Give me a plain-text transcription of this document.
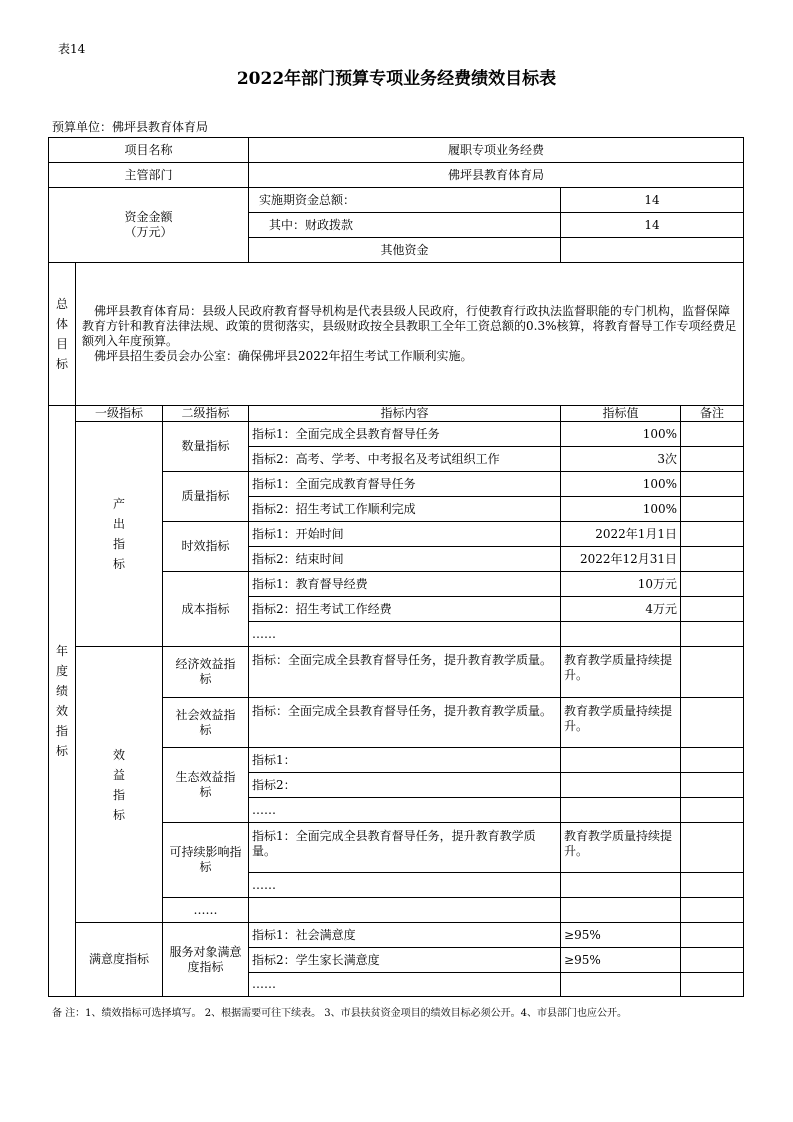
表14
2022年部门预算专项业务经费绩效目标表
预算单位：佛坪县教育体育局
项目名称			履职专项业务经费		
主管部门			佛坪县教育体育局		

资金金额
（万元）			实施期资金总额：	14	
			其中：财政拨款	14	
			其他资金		

总体目标	佛坪县教育体育局：县级人民政府教育督导机构是代表县级人民政府，行使教育行政执法监督职能的专门机构，监督保障教育方针和教育法律法规、政策的贯彻落实，县级财政按全县教职工全年工资总额的0.3%核算，将教育督导工作专项经费足额列入年度预算。

佛坪县招生委员会办公室：确保佛坪县2022年招生考试工作顺利实施。				

年度绩效指标	一级指标	二级指标	指标内容	指标值	备注

	产出指标	数量指标	指标1：全面完成全县教育督导任务	100%	
			指标2：高考、学考、中考报名及考试组织工作	3次	
		质量指标	指标1：全面完成教育督导任务	100%	
			指标2：招生考试工作顺利完成	100%	
		时效指标	指标1：开始时间	2022年1月1日	
			指标2：结束时间	2022年12月31日	
		成本指标	指标1：教育督导经费	10万元	
			指标2：招生考试工作经费	4万元	
			……		

	效益指标	经济效益指标	指标：全面完成全县教育督导任务，提升教育教学质量。	教育教学质量持续提升。	

		社会效益指标	指标：全面完成全县教育督导任务，提升教育教学质量。	教育教学质量持续提升。	

		生态效益指标	指标1：		
			指标2：		
			……		

		可持续影响指标	指标1：全面完成全县教育督导任务，提升教育教学质量。	教育教学质量持续提升。	
			……		
		……			
	满意度指标	服务对象满意度指标	指标1：社会满意度	≥95%	
			指标2：学生家长满意度	≥95%	
			……		
备 注：1、绩效指标可选择填写。 2、根据需要可往下续表。 3、市县扶贫资金项目的绩效目标必须公开。4、市县部门也应公开。
